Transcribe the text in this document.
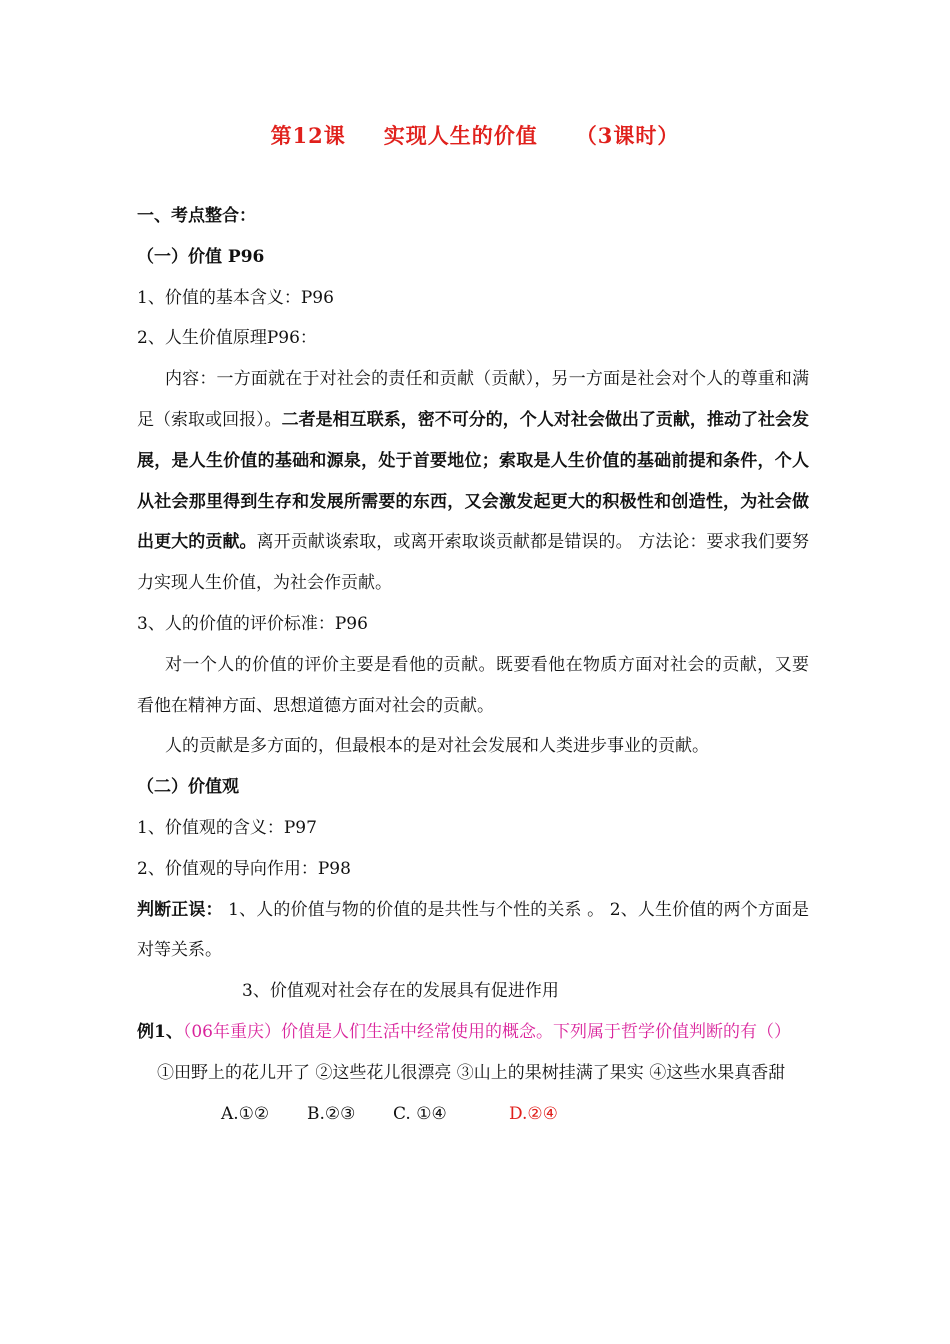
第12课 实现人生的价值 （3课时）
一、考点整合：
（一）价值 P96
1、价值的基本含义：P96
2、人生价值原理P96：
内容：一方面就在于对社会的责任和贡献（贡献），另一方面是社会对个人的尊重和满足（索取或回报）。二者是相互联系，密不可分的，个人对社会做出了贡献，推动了社会发展，是人生价值的基础和源泉，处于首要地位；索取是人生价值的基础前提和条件，个人从社会那里得到生存和发展所需要的东西，又会激发起更大的积极性和创造性，为社会做出更大的贡献。离开贡献谈索取，或离开索取谈贡献都是错误的。 方法论：要求我们要努力实现人生价值，为社会作贡献。
3、人的价值的评价标准：P96
对一个人的价值的评价主要是看他的贡献。既要看他在物质方面对社会的贡献，又要看他在精神方面、思想道德方面对社会的贡献。
人的贡献是多方面的，但最根本的是对社会发展和人类进步事业的贡献。
（二）价值观
1、价值观的含义：P97
2、价值观的导向作用：P98
判断正误： 1、人的价值与物的价值的是共性与个性的关系 。 2、人生价值的两个方面是对等关系。
3、价值观对社会存在的发展具有促进作用
例1、（06年重庆）价值是人们生活中经常使用的概念。下列属于哲学价值判断的有（）
①田野上的花儿开了 ②这些花儿很漂亮 ③山上的果树挂满了果实 ④这些水果真香甜
A.①② B.②③ C. ①④	D.②④
